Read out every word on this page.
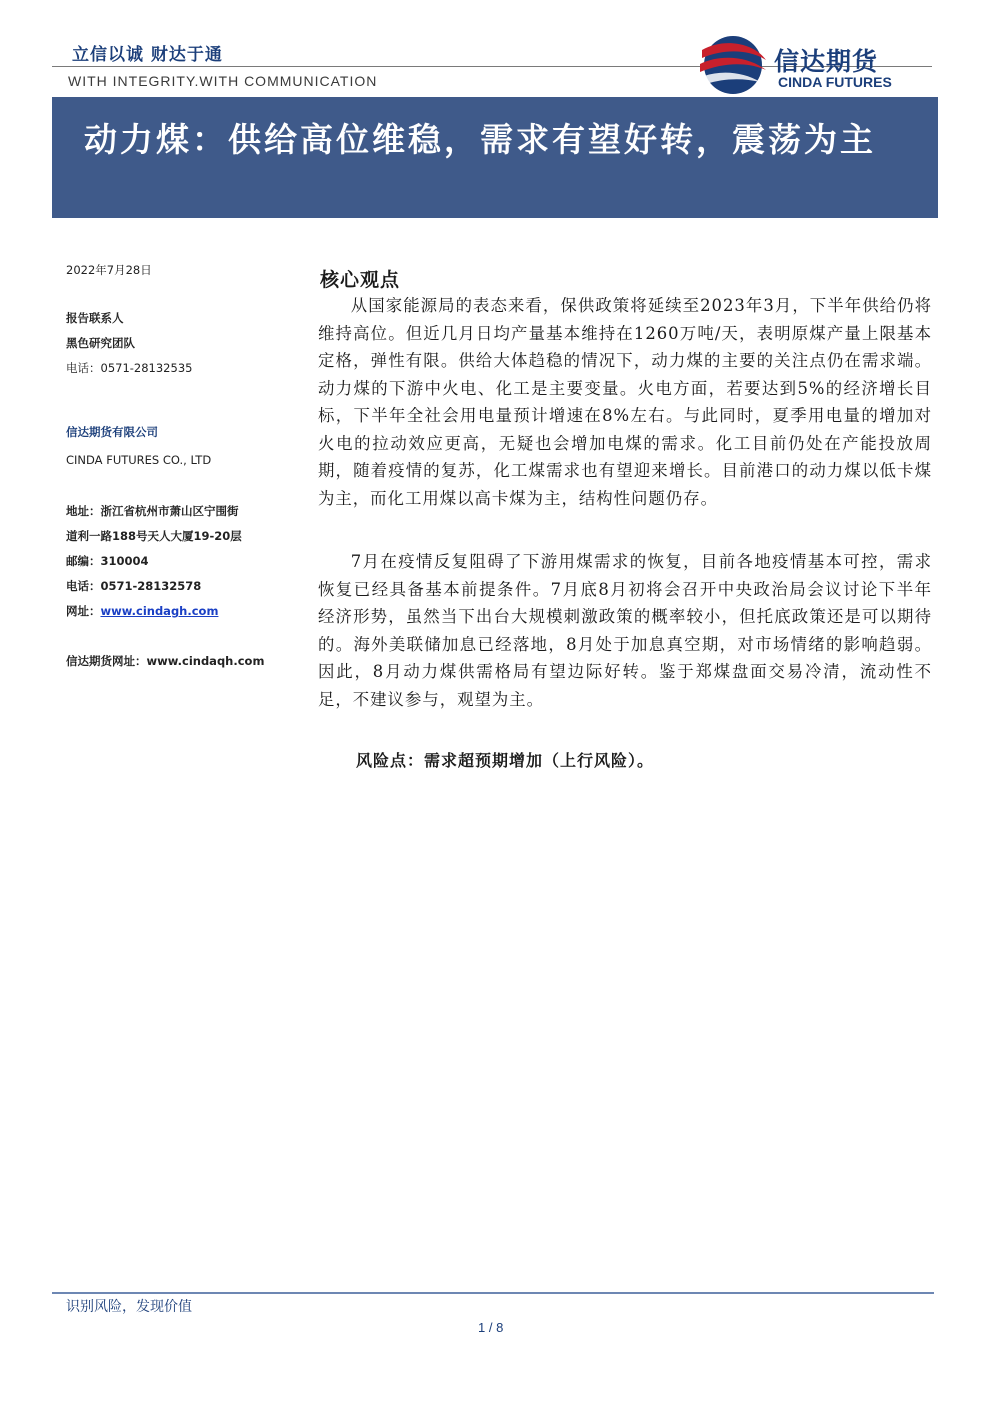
立信以诚 财达于通
WITH INTEGRITY.WITH COMMUNICATION
信达期货
CINDA FUTURES
动力煤：供给高位维稳，需求有望好转，震荡为主
2022年7月28日
报告联系人
黑色研究团队
电话：0571-28132535
信达期货有限公司
CINDA FUTURES CO., LTD
地址：浙江省杭州市萧山区宁围街
道利一路188号天人大厦19-20层
邮编：310004
电话：0571-28132578
网址：www.cindagh.com
信达期货网址：www.cindaqh.com
核心观点

从国家能源局的表态来看，保供政策将延续至2023年3月，下半年供给仍将维持高位。但近几月日均产量基本维持在1260万吨/天，表明原煤产量上限基本定格，弹性有限。供给大体趋稳的情况下，动力煤的主要的关注点仍在需求端。动力煤的下游中火电、化工是主要变量。火电方面，若要达到5%的经济增长目标，下半年全社会用电量预计增速在8%左右。与此同时，夏季用电量的增加对火电的拉动效应更高，无疑也会增加电煤的需求。化工目前仍处在产能投放周期，随着疫情的复苏，化工煤需求也有望迎来增长。目前港口的动力煤以低卡煤为主，而化工用煤以高卡煤为主，结构性问题仍存。

7月在疫情反复阻碍了下游用煤需求的恢复，目前各地疫情基本可控，需求恢复已经具备基本前提条件。7月底8月初将会召开中央政治局会议讨论下半年经济形势，虽然当下出台大规模刺激政策的概率较小，但托底政策还是可以期待的。海外美联储加息已经落地，8月处于加息真空期，对市场情绪的影响趋弱。因此，8月动力煤供需格局有望边际好转。鉴于郑煤盘面交易冷清，流动性不足，不建议参与，观望为主。

风险点：需求超预期增加（上行风险）。
识别风险，发现价值
1 / 8
